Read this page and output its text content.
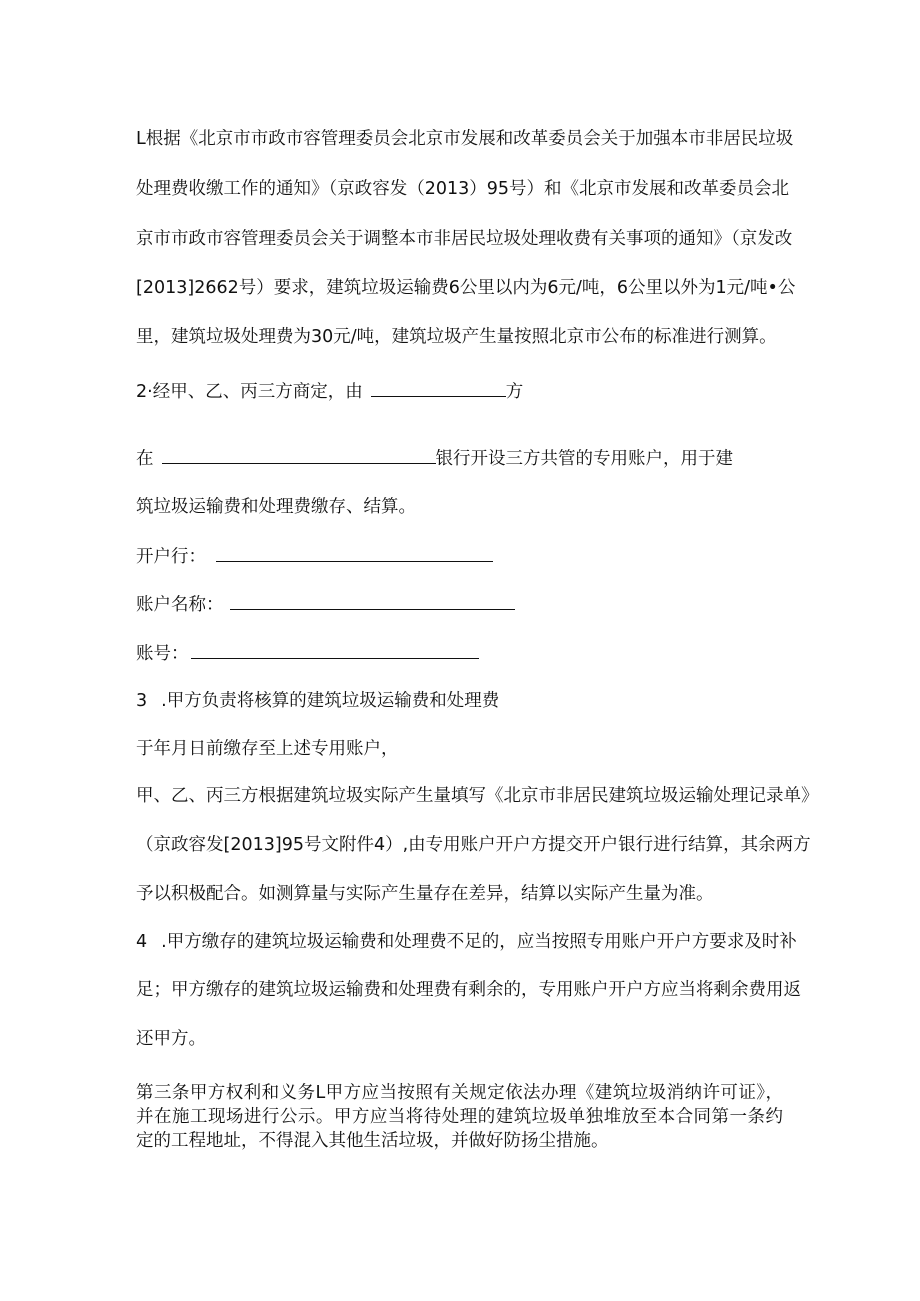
L根据《北京市市政市容管理委员会北京市发展和改革委员会关于加强本市非居民垃圾
处理费收缴工作的通知》（京政容发（2013）95号）和《北京市发展和改革委员会北
京市市政市容管理委员会关于调整本市非居民垃圾处理收费有关事项的通知》（京发改
[2013]2662号）要求，建筑垃圾运输费6公里以内为6元/吨，6公里以外为1元/吨•公
里，建筑垃圾处理费为30元/吨，建筑垃圾产生量按照北京市公布的标准进行测算。
2·经甲、乙、丙三方商定，由	方
在	银行开设三方共管的专用账户，用于建
筑垃圾运输费和处理费缴存、结算。
开户行：
账户名称：
账号：
3 .甲方负责将核算的建筑垃圾运输费和处理费
于年月日前缴存至上述专用账户，
甲、乙、丙三方根据建筑垃圾实际产生量填写《北京市非居民建筑垃圾运输处理记录单》
（京政容发[2013]95号文附件4）,由专用账户开户方提交开户银行进行结算，其余两方
予以积极配合。如测算量与实际产生量存在差异，结算以实际产生量为准。
4 .甲方缴存的建筑垃圾运输费和处理费不足的，应当按照专用账户开户方要求及时补
足；甲方缴存的建筑垃圾运输费和处理费有剩余的，专用账户开户方应当将剩余费用返
还甲方。
第三条甲方权利和义务L甲方应当按照有关规定依法办理《建筑垃圾消纳许可证》，并在施工现场进行公示。甲方应当将待处理的建筑垃圾单独堆放至本合同第一条约定的工程地址，不得混入其他生活垃圾，并做好防扬尘措施。
